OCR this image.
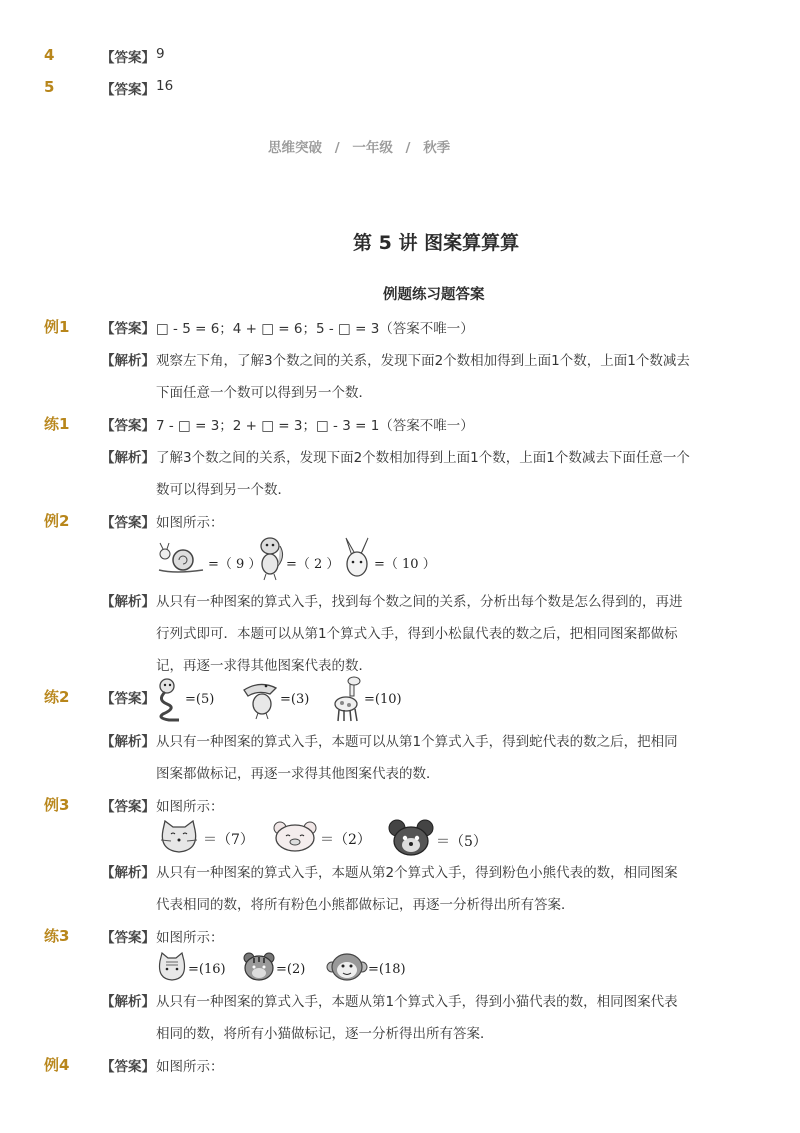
4	【答案】 9
5	【答案】 16
思维突破 / 一年级 / 秋季
第 5 讲 图案算算算
例题练习题答案
例1 【答案】 □ - 5 = 6；4 + □ = 6；5 - □ = 3（答案不唯一）
【解析】 观察左下角，了解3个数之间的关系，发现下面2个数相加得到上面1个数，上面1个数减去
下面任意一个数可以得到另一个数．
练1 【答案】 7 - □ = 3；2 + □ = 3；□ - 3 = 1（答案不唯一）
【解析】 了解3个数之间的关系，发现下面2个数相加得到上面1个数，上面1个数减去下面任意一个
数可以得到另一个数．
例2 【答案】 如图所示：
=（ 9 ） =（ 2 ）	=（ 10 ）
【解析】 从只有一种图案的算式入手，找到每个数之间的关系，分析出每个数是怎么得到的，再进
行列式即可．本题可以从第1个算式入手，得到小松鼠代表的数之后，把相同图案都做标
记，再逐一求得其他图案代表的数．
练2 【答案】 =(5)	=(3)	=(10)
【解析】 从只有一种图案的算式入手，本题可以从第1个算式入手，得到蛇代表的数之后，把相同
图案都做标记，再逐一求得其他图案代表的数．
例3 【答案】 如图所示：
＝（7）	＝（2）	＝（5）
【解析】 从只有一种图案的算式入手，本题从第2个算式入手，得到粉色小熊代表的数，相同图案
代表相同的数，将所有粉色小熊都做标记，再逐一分析得出所有答案．
练3 【答案】 如图所示：
=(16)	=(2)	=(18)
【解析】 从只有一种图案的算式入手，本题从第1个算式入手，得到小猫代表的数，相同图案代表
相同的数，将所有小猫做标记，逐一分析得出所有答案．
例4 【答案】 如图所示：
